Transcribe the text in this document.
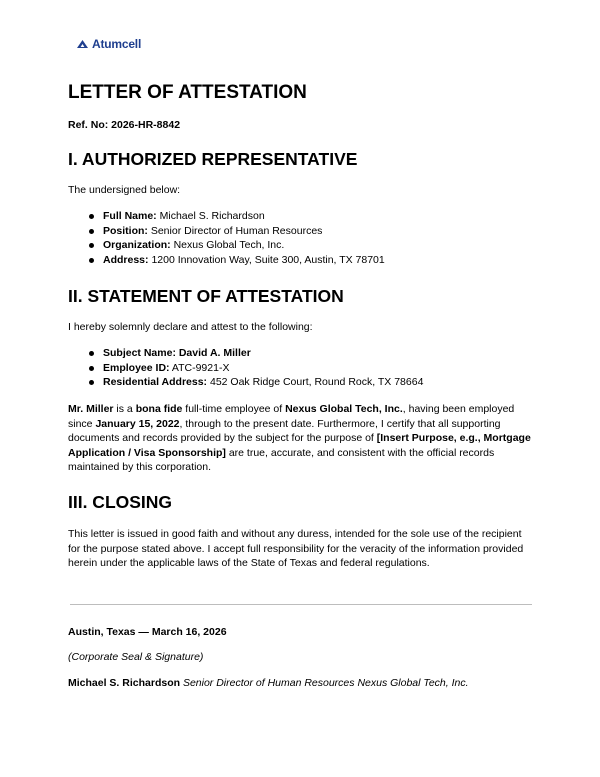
Atumcell
LETTER OF ATTESTATION
Ref. No: 2026-HR-8842
I. AUTHORIZED REPRESENTATIVE
The undersigned below:
Full Name: Michael S. Richardson
Position: Senior Director of Human Resources
Organization: Nexus Global Tech, Inc.
Address: 1200 Innovation Way, Suite 300, Austin, TX 78701
II. STATEMENT OF ATTESTATION
I hereby solemnly declare and attest to the following:
Subject Name: David A. Miller
Employee ID: ATC-9921-X
Residential Address: 452 Oak Ridge Court, Round Rock, TX 78664

Mr. Miller is a bona fide full-time employee of Nexus Global Tech, Inc., having been employed since January 15, 2022, through to the present date. Furthermore, I certify that all supporting documents and records provided by the subject for the purpose of [Insert Purpose, e.g., Mortgage Application / Visa Sponsorship] are true, accurate, and consistent with the official records maintained by this corporation.

III. CLOSING

This letter is issued in good faith and without any duress, intended for the sole use of the recipient for the purpose stated above. I accept full responsibility for the veracity of the information provided herein under the applicable laws of the State of Texas and federal regulations.

Austin, Texas — March 16, 2026
(Corporate Seal & Signature)
Michael S. Richardson Senior Director of Human Resources Nexus Global Tech, Inc.
